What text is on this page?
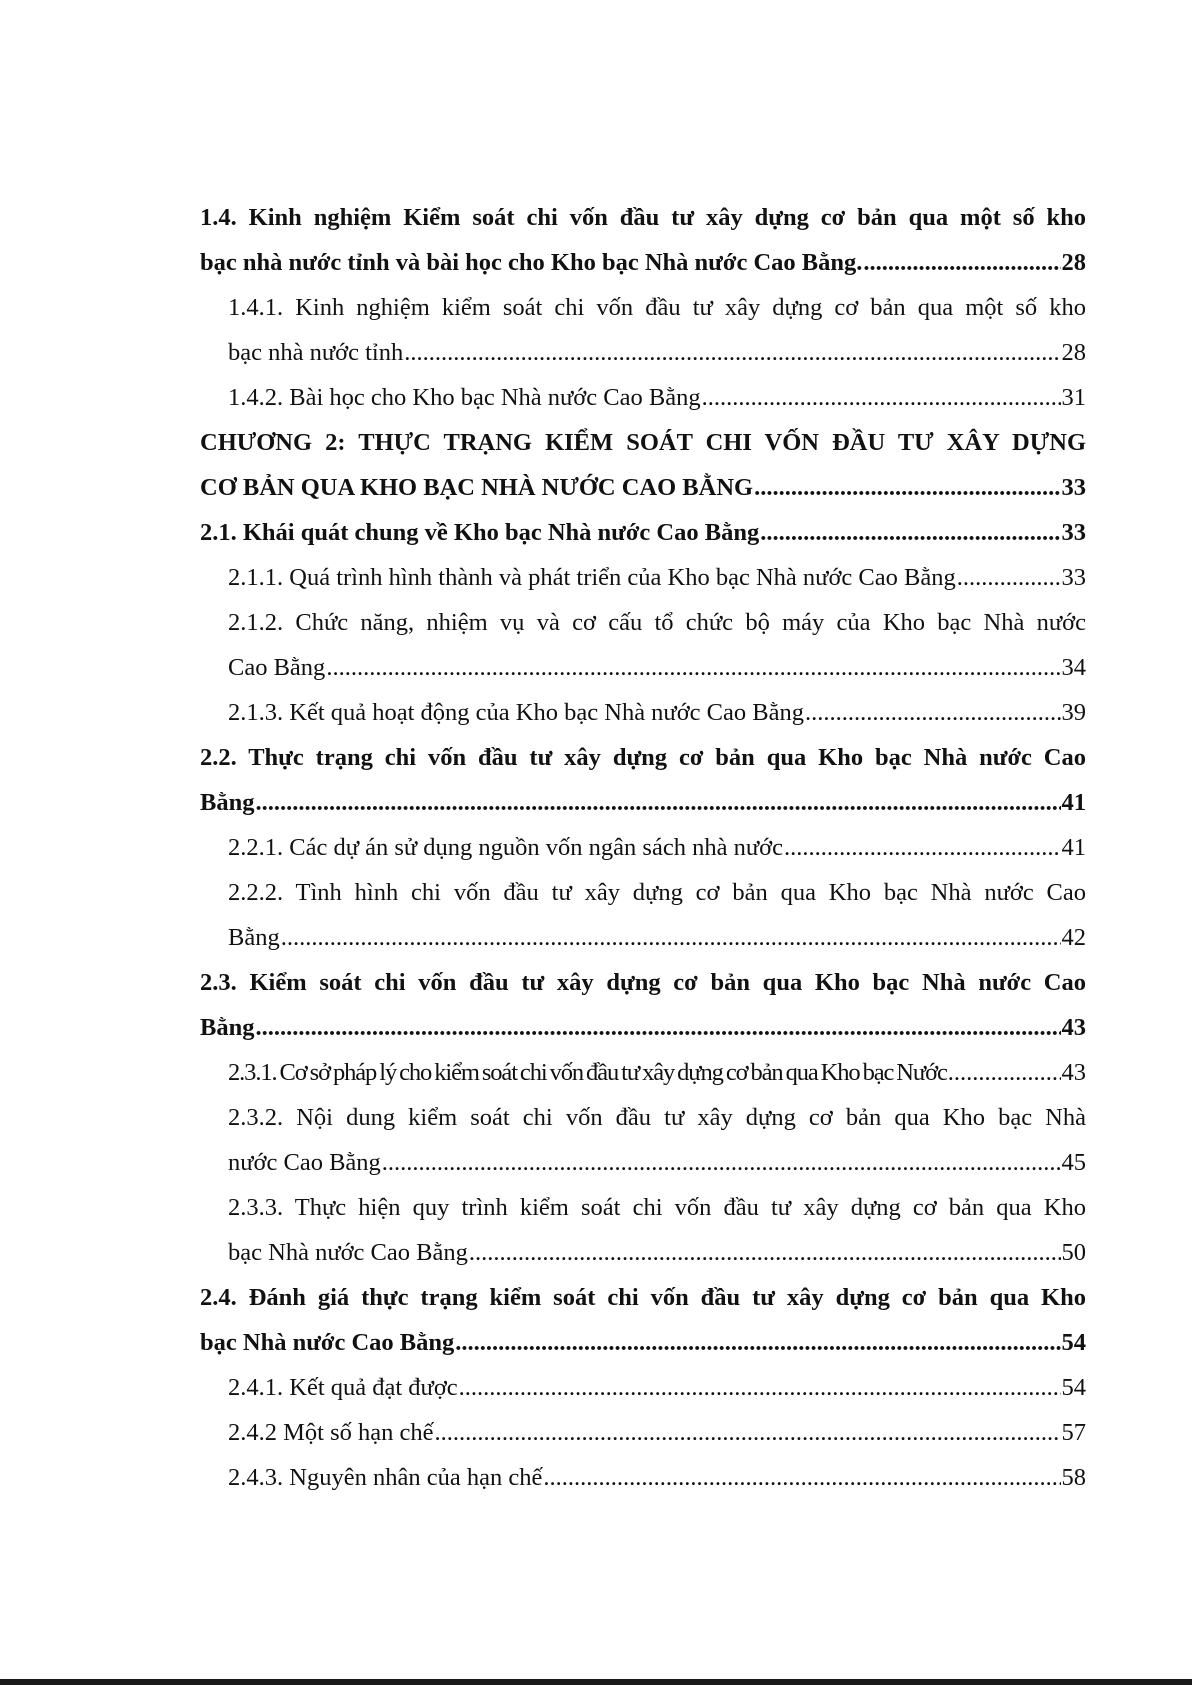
1.4. Kinh nghiệm Kiểm soát chi vốn đầu tư xây dựng cơ bản qua một số kho
bạc nhà nước tỉnh và bài học cho Kho bạc Nhà nước Cao Bằng. .....	28
1.4.1. Kinh nghiệm kiểm soát chi vốn đầu tư xây dựng cơ bản qua một số kho
bạc nhà nước tỉnh .....	28
1.4.2. Bài học cho Kho bạc Nhà nước Cao Bằng .....	31
CHƯƠNG 2: THỰC TRẠNG KIỂM SOÁT CHI VỐN ĐẦU TƯ XÂY DỰNG
CƠ BẢN QUA KHO BẠC NHÀ NƯỚC CAO BẰNG .....	33
2.1. Khái quát chung về Kho bạc Nhà nước Cao Bằng .....	33
2.1.1. Quá trình hình thành và phát triển của Kho bạc Nhà nước Cao Bằng .....	33
2.1.2. Chức năng, nhiệm vụ và cơ cấu tổ chức bộ máy của Kho bạc Nhà nước
Cao Bằng .....	34
2.1.3. Kết quả hoạt động của Kho bạc Nhà nước Cao Bằng .....	39
2.2. Thực trạng chi vốn đầu tư xây dựng cơ bản qua Kho bạc Nhà nước Cao
Bằng .....	41
2.2.1. Các dự án sử dụng nguồn vốn ngân sách nhà nước .....	41
2.2.2. Tình hình chi vốn đầu tư xây dựng cơ bản qua Kho bạc Nhà nước Cao
Bằng .....	42
2.3. Kiểm soát chi vốn đầu tư xây dựng cơ bản qua Kho bạc Nhà nước Cao
Bằng .....	43
2.3.1. Cơ sở pháp lý cho kiểm soát chi vốn đầu tư xây dựng cơ bản qua Kho bạc Nước .....	43
2.3.2. Nội dung kiểm soát chi vốn đầu tư xây dựng cơ bản qua Kho bạc Nhà
nước Cao Bằng .....	45
2.3.3. Thực hiện quy trình kiểm soát chi vốn đầu tư xây dựng cơ bản qua Kho
bạc Nhà nước Cao Bằng .....	50
2.4. Đánh giá thực trạng kiểm soát chi vốn đầu tư xây dựng cơ bản qua Kho
bạc Nhà nước Cao Bằng .....	54
2.4.1. Kết quả đạt được .....	54
2.4.2 Một số hạn chế .....	57
2.4.3. Nguyên nhân của hạn chế .....	58
